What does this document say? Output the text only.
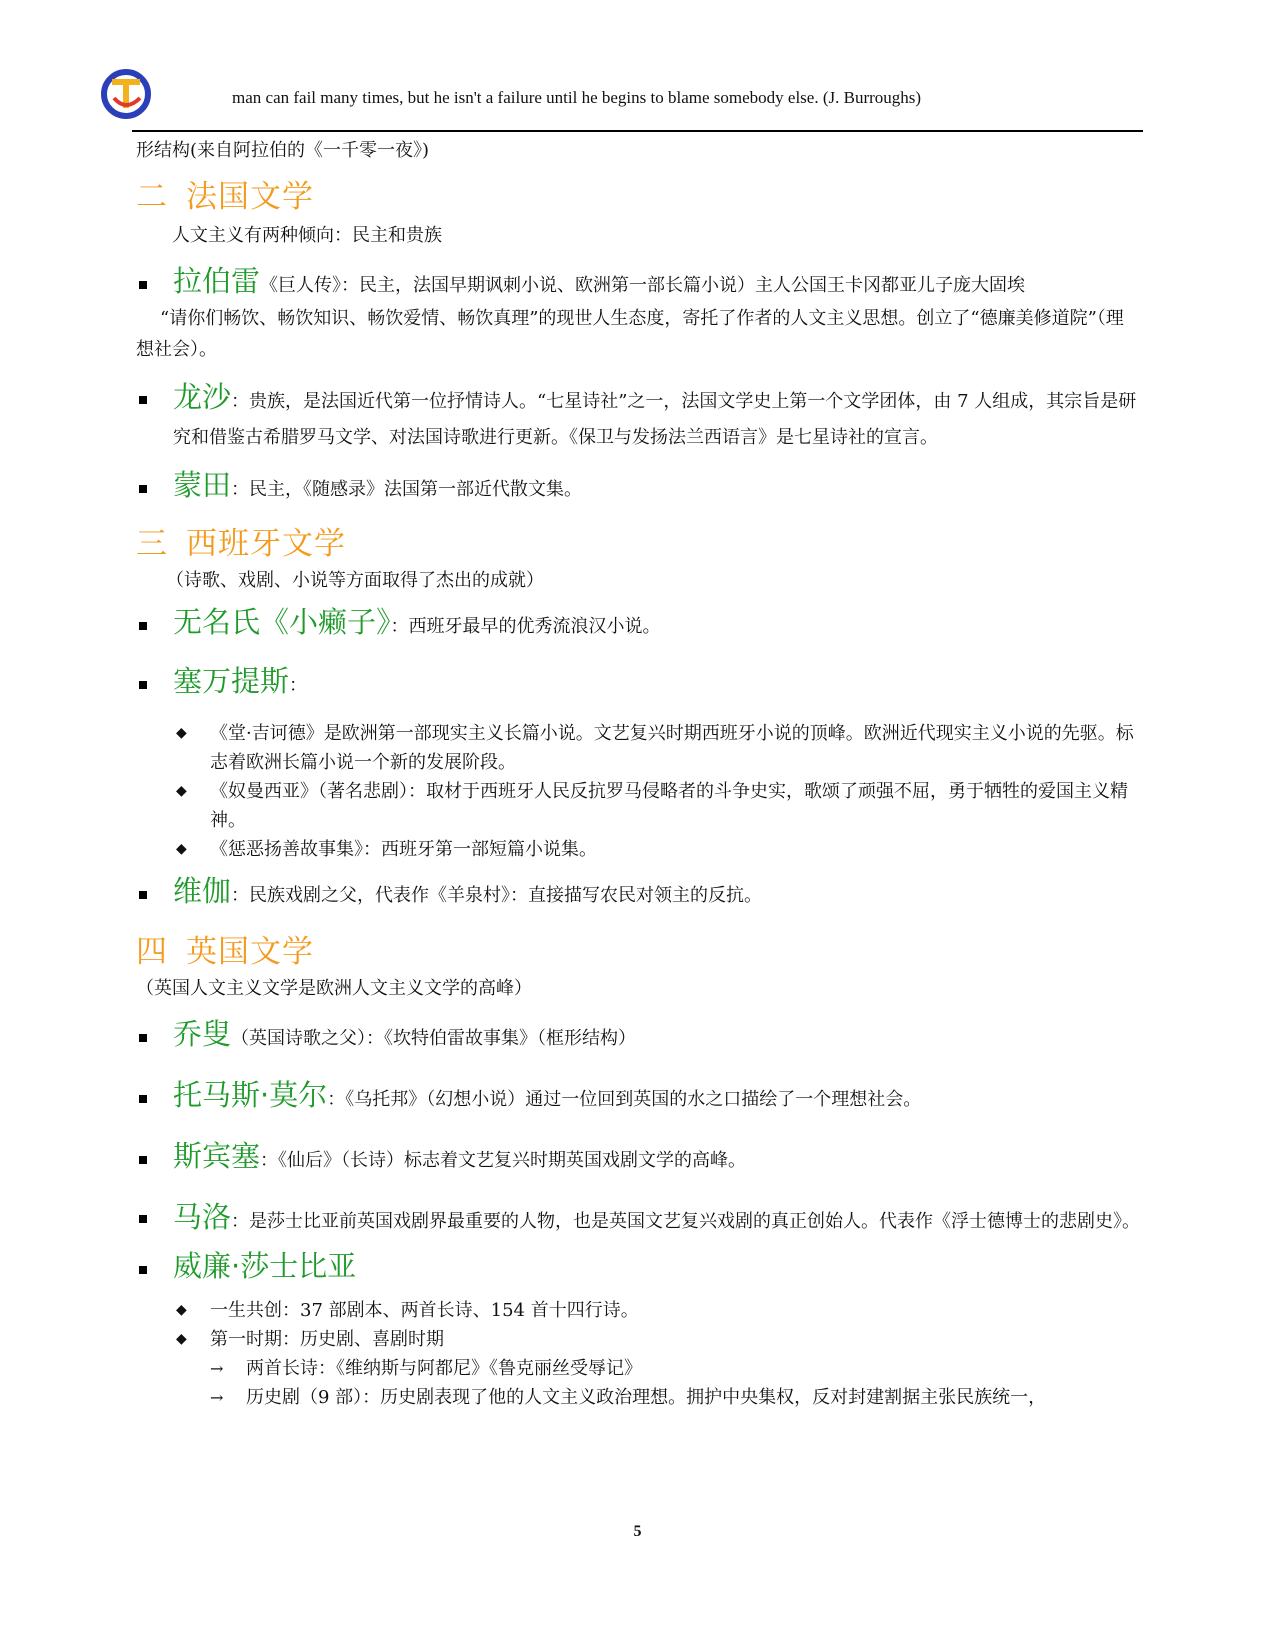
man can fail many times, but he isn't a failure until he begins to blame somebody else. (J. Burroughs)

形结构(来自阿拉伯的《一千零一夜》)

二 法国文学

人文主义有两种倾向：民主和贵族

拉伯雷《巨人传》：民主，法国早期讽刺小说、欧洲第一部长篇小说）主人公国王卡冈都亚儿子庞大固埃

“请你们畅饮、畅饮知识、畅饮爱情、畅饮真理”的现世人生态度，寄托了作者的人文主义思想。创立了“德廉美修道院”（理想社会）。

龙沙：贵族，是法国近代第一位抒情诗人。“七星诗社”之一，法国文学史上第一个文学团体，由 7 人组成，其宗旨是研究和借鉴古希腊罗马文学、对法国诗歌进行更新。《保卫与发扬法兰西语言》是七星诗社的宣言。
蒙田：民主，《随感录》法国第一部近代散文集。
三 西班牙文学

（诗歌、戏剧、小说等方面取得了杰出的成就）

无名氏《小癞子》：西班牙最早的优秀流浪汉小说。
塞万提斯：
◆ 《堂·吉诃德》是欧洲第一部现实主义长篇小说。文艺复兴时期西班牙小说的顶峰。欧洲近代现实主义小说的先驱。标志着欧洲长篇小说一个新的发展阶段。
◆ 《奴曼西亚》（著名悲剧）：取材于西班牙人民反抗罗马侵略者的斗争史实，歌颂了顽强不屈，勇于牺牲的爱国主义精神。
◆ 《惩恶扬善故事集》：西班牙第一部短篇小说集。
维伽：民族戏剧之父，代表作《羊泉村》：直接描写农民对领主的反抗。
四 英国文学

（英国人文主义文学是欧洲人文主义文学的高峰）

乔叟（英国诗歌之父）：《坎特伯雷故事集》（框形结构）
托马斯·莫尔：《乌托邦》（幻想小说）通过一位回到英国的水之口描绘了一个理想社会。
斯宾塞：《仙后》（长诗）标志着文艺复兴时期英国戏剧文学的高峰。
马洛：是莎士比亚前英国戏剧界最重要的人物，也是英国文艺复兴戏剧的真正创始人。代表作《浮士德博士的悲剧史》。
威廉·莎士比亚
◆ 一生共创：37 部剧本、两首长诗、154 首十四行诗。
◆ 第一时期：历史剧、喜剧时期
→ 两首长诗：《维纳斯与阿都尼》《鲁克丽丝受辱记》
→ 历史剧（9 部）：历史剧表现了他的人文主义政治理想。拥护中央集权，反对封建割据主张民族统一，
5
